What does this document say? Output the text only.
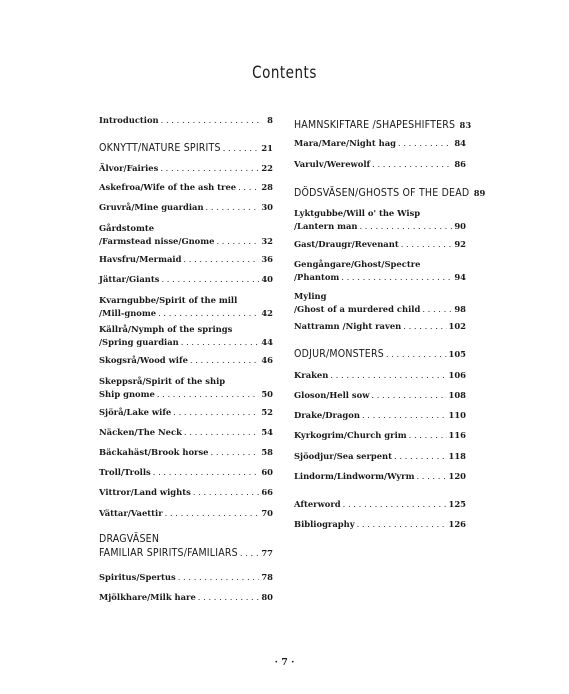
Contents
Introduction . . .	8
OKNYTT/NATURE SPIRITS . . .	21
Älvor/Fairies . . .	22
Askefroa/Wife of the ash tree . . .	28
Gruvrå/Mine guardian . . .	30
Gårdstomte
/Farmstead nisse/Gnome . . .	32
Havsfru/Mermaid . . .	36
Jättar/Giants . . .	40
Kvarngubbe/Spirit of the mill
/Mill-gnome . . .	42
Källrå/Nymph of the springs
/Spring guardian . . .	44
Skogsrå/Wood wife . . .	46
Skeppsrå/Spirit of the ship
Ship gnome . . .	50
Sjörå/Lake wife . . .	52
Näcken/The Neck . . .	54
Bäckahäst/Brook horse . . .	58
Troll/Trolls . . .	60
Vittror/Land wights . . .	66
Vättar/Vaettir . . .	70
DRAGVÄSEN
FAMILIAR SPIRITS/FAMILIARS . . .	77
Spiritus/Spertus . . .	78
Mjölkhare/Milk hare . . .	80
HAMNSKIFTARE /SHAPESHIFTERS 83
Mara/Mare/Night hag . . .	84
Varulv/Werewolf . . .	86
DÖDSVÄSEN/GHOSTS OF THE DEAD 89
Lyktgubbe/Will o' the Wisp
/Lantern man . . .	90
Gast/Draugr/Revenant . . .	92
Gengångare/Ghost/Spectre
/Phantom . . .	94
Myling
/Ghost of a murdered child . . .	98
Nattramn /Night raven . . .	102
ODJUR/MONSTERS . . .	105
Kraken . . .	106
Gloson/Hell sow . . .	108
Drake/Dragon . . .	110
Kyrkogrim/Church grim . . .	116
Sjöodjur/Sea serpent . . .	118
Lindorm/Lindworm/Wyrm . . .	120
Afterword . . .	125
Bibliography . . .	126
· 7 ·
